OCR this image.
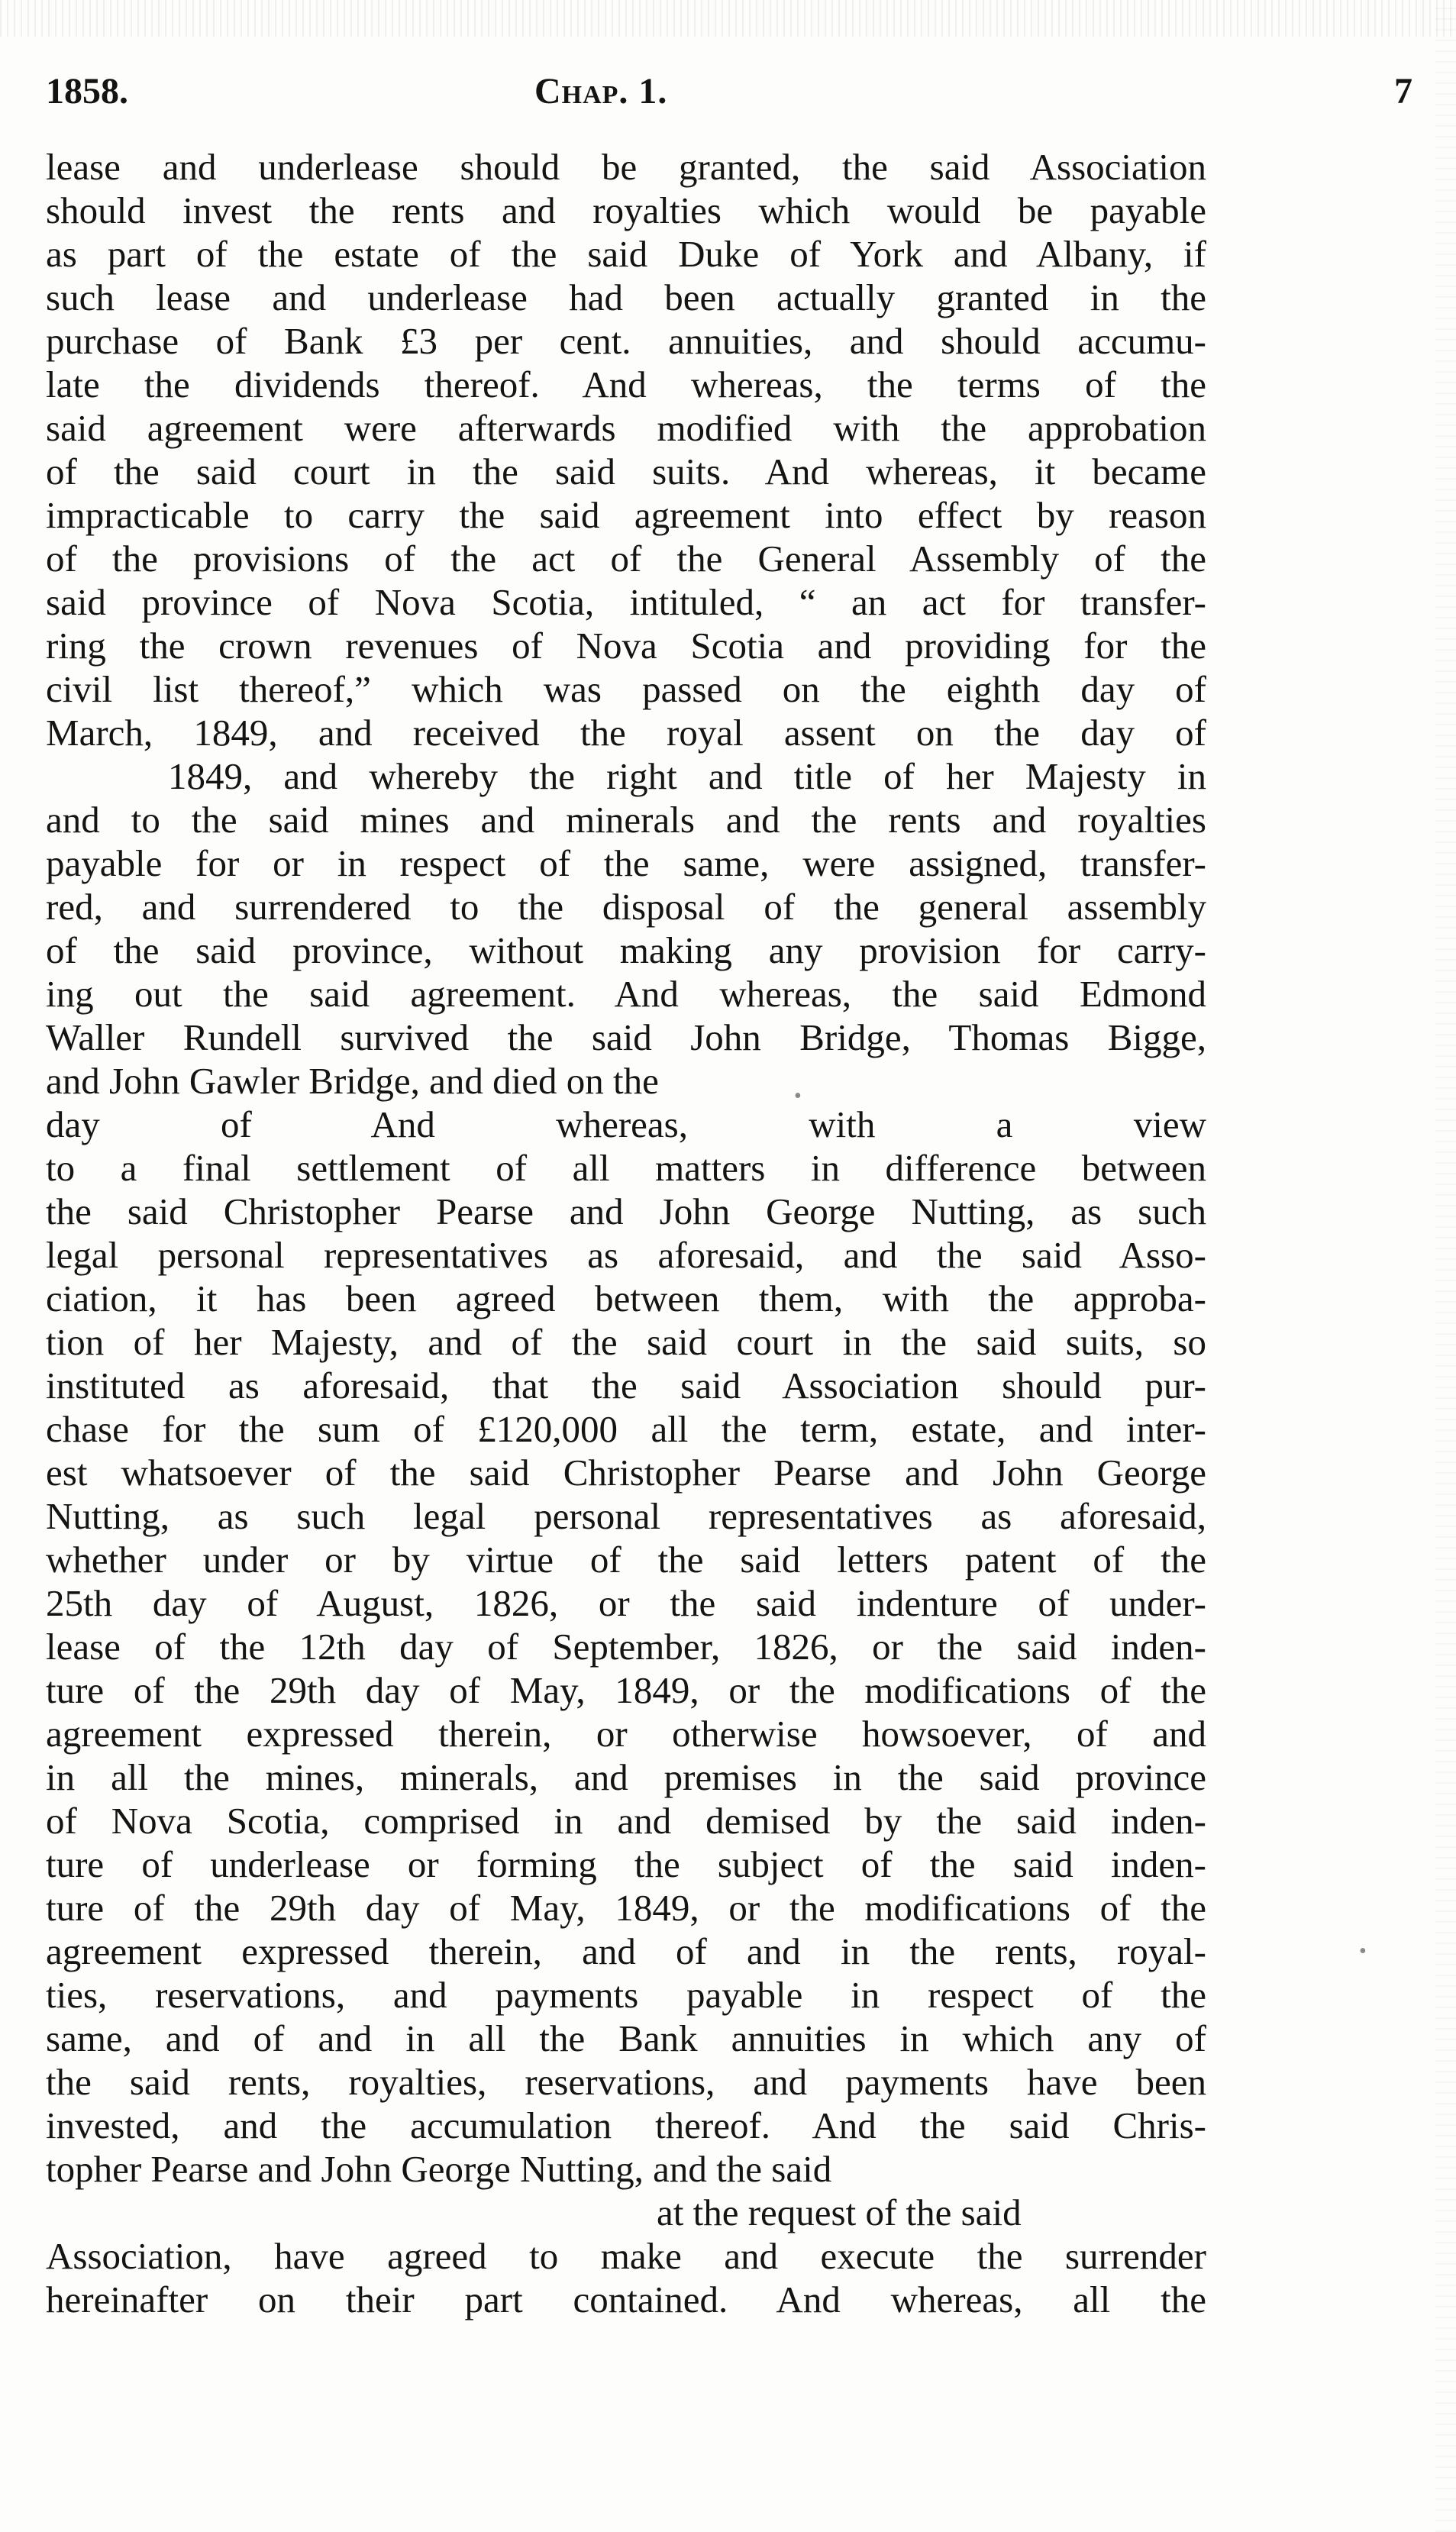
1858.	Chap. 1.	7
lease and underlease should be granted, the said Association
should invest the rents and royalties which would be payable
as part of the estate of the said Duke of York and Albany, if
such lease and underlease had been actually granted in the
purchase of Bank £3 per cent. annuities, and should accumu-
late the dividends thereof. And whereas, the terms of the
said agreement were afterwards modified with the approbation
of the said court in the said suits. And whereas, it became
impracticable to carry the said agreement into effect by reason
of the provisions of the act of the General Assembly of the
said province of Nova Scotia, intituled, “ an act for transfer-
ring the crown revenues of Nova Scotia and providing for the
civil list thereof,” which was passed on the eighth day of
March, 1849, and received the royal assent on the day of
1849, and whereby the right and title of her Majesty in
and to the said mines and minerals and the rents and royalties
payable for or in respect of the same, were assigned, transfer-
red, and surrendered to the disposal of the general assembly
of the said province, without making any provision for carry-
ing out the said agreement. And whereas, the said Edmond
Waller Rundell survived the said John Bridge, Thomas Bigge,
and John Gawler Bridge, and died on the
day of And whereas, with a view
to a final settlement of all matters in difference between
the said Christopher Pearse and John George Nutting, as such
legal personal representatives as aforesaid, and the said Asso-
ciation, it has been agreed between them, with the approba-
tion of her Majesty, and of the said court in the said suits, so
instituted as aforesaid, that the said Association should pur-
chase for the sum of £120,000 all the term, estate, and inter-
est whatsoever of the said Christopher Pearse and John George
Nutting, as such legal personal representatives as aforesaid,
whether under or by virtue of the said letters patent of the
25th day of August, 1826, or the said indenture of under-
lease of the 12th day of September, 1826, or the said inden-
ture of the 29th day of May, 1849, or the modifications of the
agreement expressed therein, or otherwise howsoever, of and
in all the mines, minerals, and premises in the said province
of Nova Scotia, comprised in and demised by the said inden-
ture of underlease or forming the subject of the said inden-
ture of the 29th day of May, 1849, or the modifications of the
agreement expressed therein, and of and in the rents, royal-
ties, reservations, and payments payable in respect of the
same, and of and in all the Bank annuities in which any of
the said rents, royalties, reservations, and payments have been
invested, and the accumulation thereof. And the said Chris-
topher Pearse and John George Nutting, and the said
at the request of the said
Association, have agreed to make and execute the surrender
hereinafter on their part contained. And whereas, all the
•
•
